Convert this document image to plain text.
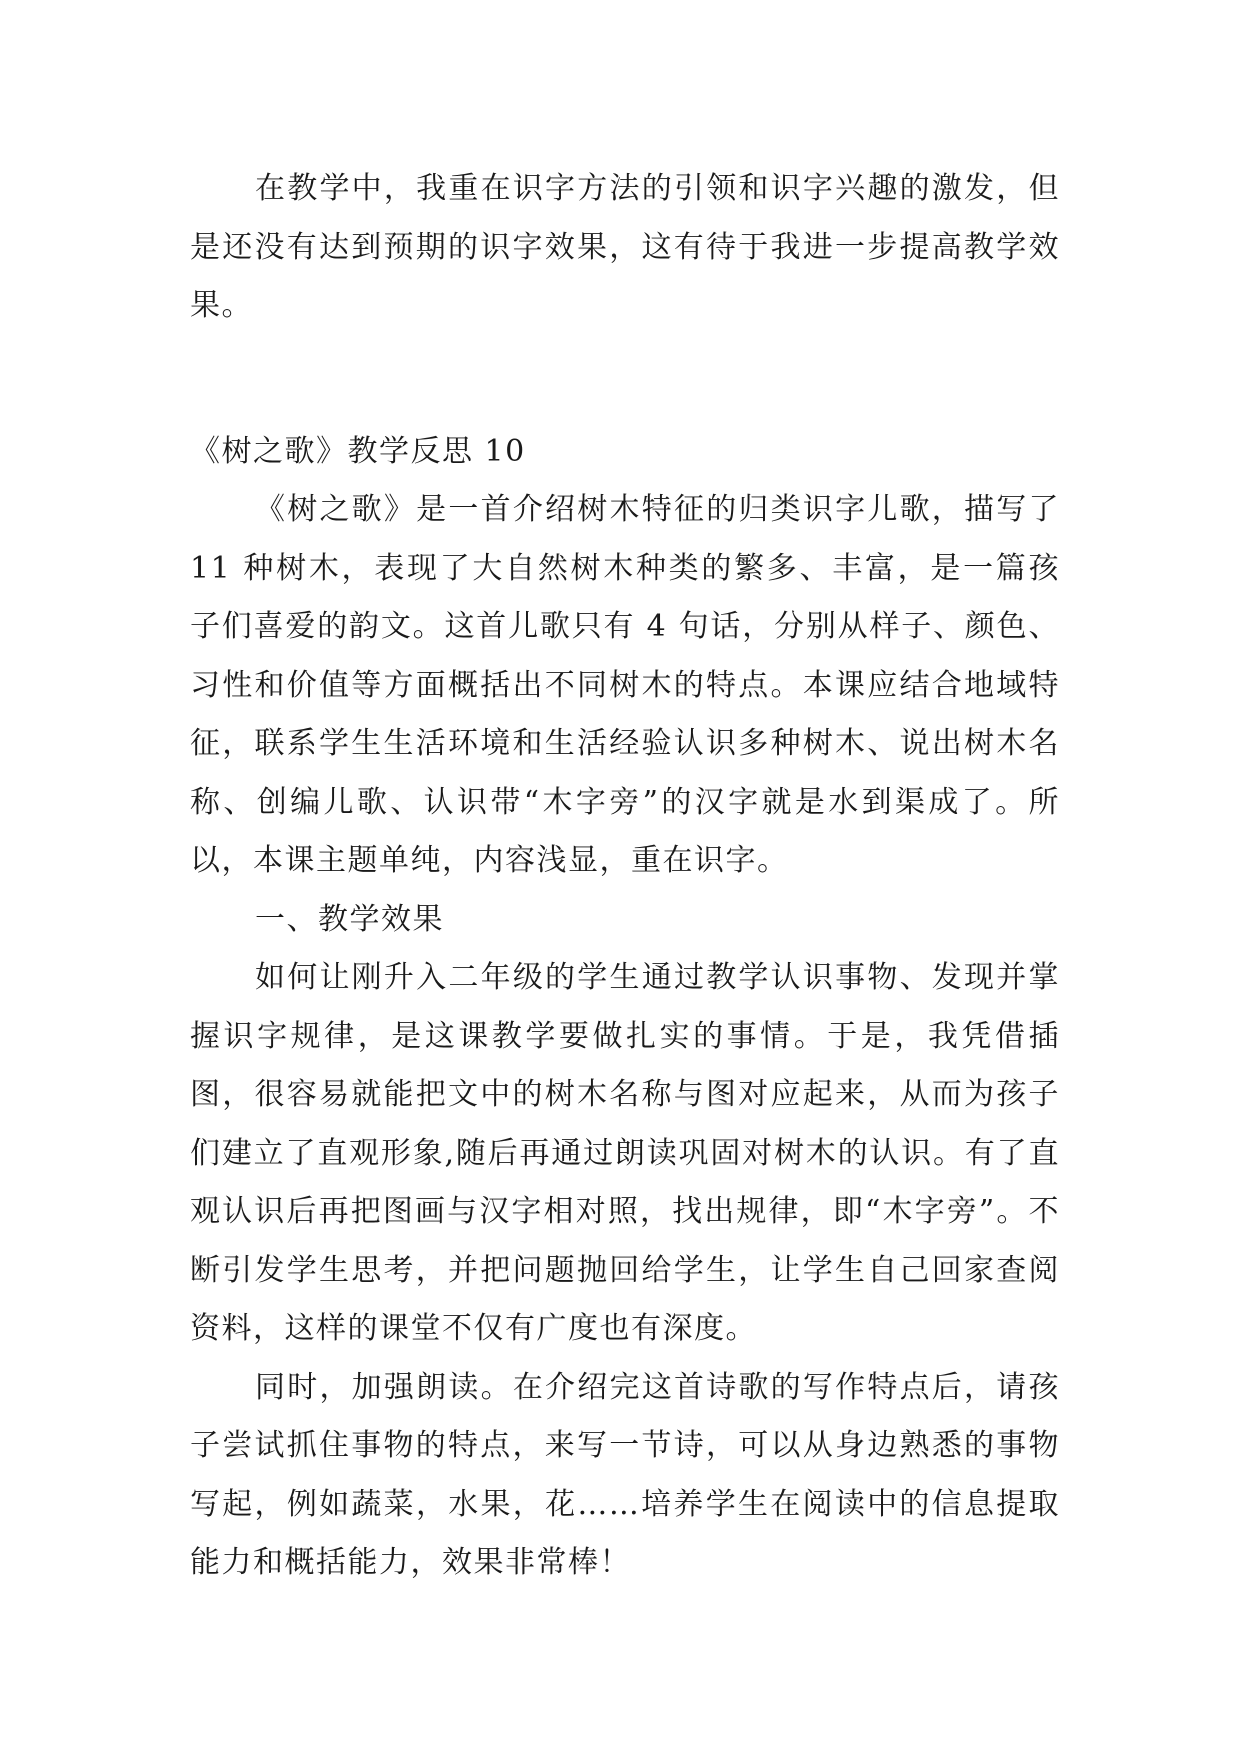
在教学中，我重在识字方法的引领和识字兴趣的激发，但是还没有达到预期的识字效果，这有待于我进一步提高教学效果。

《树之歌》教学反思 10

《树之歌》是一首介绍树木特征的归类识字儿歌，描写了 11 种树木，表现了大自然树木种类的繁多、丰富，是一篇孩子们喜爱的韵文。这首儿歌只有 4 句话，分别从样子、颜色、习性和价值等方面概括出不同树木的特点。本课应结合地域特征，联系学生生活环境和生活经验认识多种树木、说出树木名称、创编儿歌、认识带“木字旁”的汉字就是水到渠成了。所以，本课主题单纯，内容浅显，重在识字。

一、教学效果

如何让刚升入二年级的学生通过教学认识事物、发现并掌握识字规律，是这课教学要做扎实的事情。于是，我凭借插图，很容易就能把文中的树木名称与图对应起来，从而为孩子们建立了直观形象,随后再通过朗读巩固对树木的认识。有了直观认识后再把图画与汉字相对照，找出规律，即“木字旁”。不断引发学生思考，并把问题抛回给学生，让学生自己回家查阅资料，这样的课堂不仅有广度也有深度。

同时，加强朗读。在介绍完这首诗歌的写作特点后，请孩子尝试抓住事物的特点，来写一节诗，可以从身边熟悉的事物写起，例如蔬菜，水果，花……培养学生在阅读中的信息提取能力和概括能力，效果非常棒！
